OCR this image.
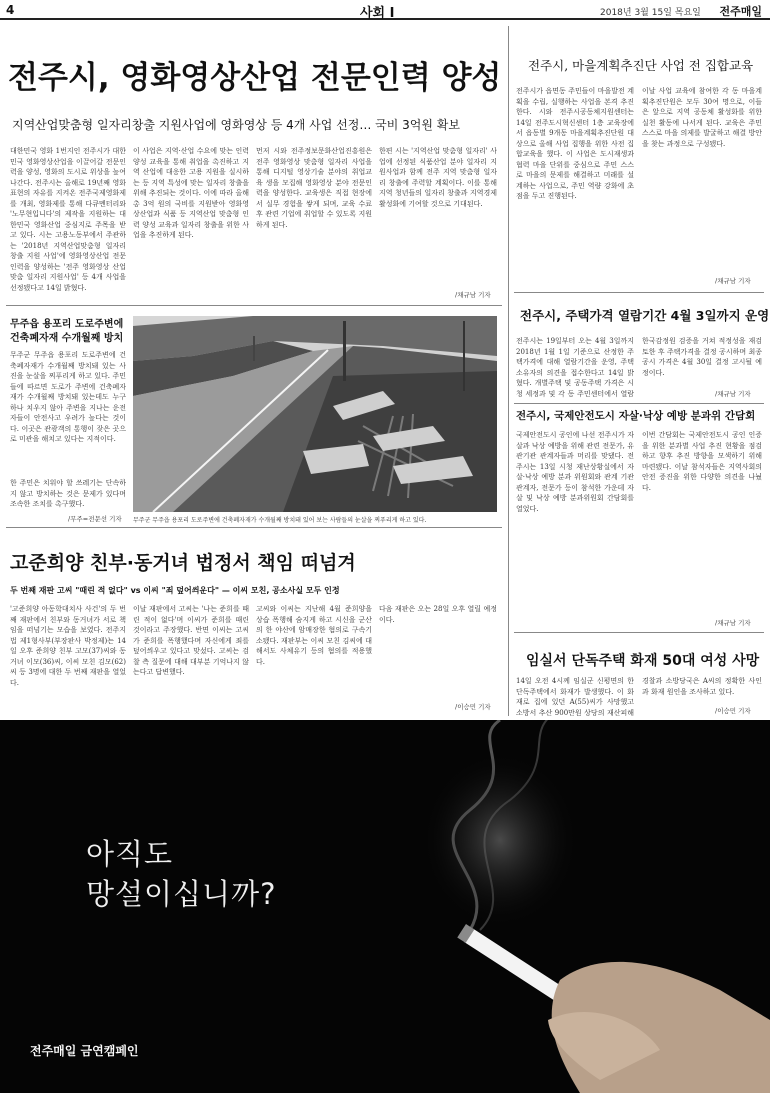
4	사회 I	2018년 3월 15일 목요일 전주매일
전주시, 영화영상산업 전문인력 양성
지역산업맞춤형 일자리창출 지원사업에 영화영상 등 4개 사업 선정… 국비 3억원 확보
대한민국 영화 1번지인 전주시가 대한민국 영화영상산업을 이끌어갈 전문인력을 양성, 영화의 도시로 위상을 높여 나간다. 전주시는 올해로 19년째 영화 표현의 자유를 지켜온 전주국제영화제를 개최, 영화제를 통해 다큐멘터리와 '노무현입니다'의 제작을 지원하는 대한민국 영화산업 중심지로 주목을 받고 있다. 시는 고용노동부에서 주관하는 '2018년 지역산업맞춤형 일자리 창출 지원 사업'에 영화영상산업 전문인력을 양성하는 '전주 영화영상 산업맞춤 일자리 지원사업' 등 4개 사업을 선정됐다고 14일 밝혔다.
이 사업은 지역·산업 수요에 맞는 인력 양성 교육을 통해 취업을 촉진하고 지역 산업에 대응한 고용 지원을 실시하는 등 지역 특성에 맞는 일자리 창출을 위해 추진되는 것이다. 이에 따라 올해 총 3억 원의 국비를 지원받아 영화영상산업과 식품 등 지역산업 맞춤형 인력 양성 교육과 일자리 창출을 위한 사업을 추진하게 된다.
먼저 시와 전주정보문화산업진흥원은 전주 영화영상 맞춤형 일자리 사업을 통해 디지털 영상기술 분야의 취업교육 생을 모집해 영화영상 분야 전문인력을 양성한다. 교육생은 직접 현장에서 실무 경험을 쌓게 되며, 교육 수료 후 관련 기업에 취업할 수 있도록 지원하게 된다.
한편 시는 '지역산업 맞춤형 일자리' 사업에 선정된 식품산업 분야 일자리 지원사업과 함께 전주 지역 맞춤형 일자리 창출에 주력할 계획이다. 이를 통해 지역 청년들의 일자리 창출과 지역경제 활성화에 기여할 것으로 기대된다.
/채규남 기자
전주시, 마을계획추진단 사업 전 집합교육
전주시가 읍면동 주민들이 마을발전 계획을 수립, 실행하는 사업을 본격 추진한다. 시와 전주시공동체지원센터는 14일 전주도시혁신센터 1층 교육장에서 읍동별 9개동 마을계획추진단원 대상으로 올해 사업 집행을 위한 사전 집합교육을 했다. 이 사업은 도시재생과 협력 마을 단위를 중심으로 주민 스스로 마을의 문제를 해결하고 미래를 설계하는 사업으로, 주민 역량 강화에 초점을 두고 진행된다.
이날 사업 교육에 참여한 각 동 마을계획추진단원은 모두 30여 명으로, 이들은 앞으로 지역 공동체 활성화를 위한 실천 활동에 나서게 된다. 교육은 주민 스스로 마을 의제를 발굴하고 해결 방안을 찾는 과정으로 구성됐다.
/채규남 기자
전주시, 주택가격 열람기간 4월 3일까지 운영
전주시는 19일부터 오는 4월 3일까지 2018년 1월 1일 기준으로 산정한 주택가격에 대해 열람기간을 운영, 주택 소유자의 의견을 접수한다고 14일 밝혔다. 개별주택 및 공동주택 가격은 시청 세정과 및 각 동 주민센터에서 열람
한국감정원 검증을 거쳐 적정성을 재검토한 후 주택가격을 결정 공시하며 최종 공시 가격은 4월 30일 결정 고시될 예정이다.
/채규남 기자
전주시, 국제안전도시 자살·낙상 예방 분과위 간담회
국제안전도시 공인에 나선 전주시가 자살과 낙상 예방을 위해 관련 전문가, 유관기관 관계자들과 머리를 맞댔다. 전주시는 13일 시청 재난상황실에서 자살·낙상 예방 분과 위원회와 관계 기관 관계자, 전문가 등이 참석한 가운데 자살 및 낙상 예방 분과위원회 간담회를 열었다.
이번 간담회는 국제안전도시 공인 인증을 위한 분과별 사업 추진 현황을 점검하고 향후 추진 방향을 모색하기 위해 마련됐다. 이날 참석자들은 지역사회의 안전 증진을 위한 다양한 의견을 나눴다.
/채규남 기자
임실서 단독주택 화재 50대 여성 사망
14일 오전 4시께 임실군 신평면의 한 단독주택에서 화재가 발생했다. 이 화재로 집에 있던 A(55)씨가 사망했고 소방서 추산 900만원 상당의 재산피해
경찰과 소방당국은 A씨의 정확한 사인과 화재 원인을 조사하고 있다.
/이승민 기자
무주읍 용포리 도로주변에
건축폐자재 수개월째 방치
무주군 무주읍 용포리 도로주변에 건축폐자재가 수개월째 방치돼 있는 사진을 눈살을 찌푸리게 하고 있다. 주민들에 따르면 도로가 주변에 건축폐자재가 수개월째 방치돼 있는데도 누구 하나 치우지 않아 주변을 지나는 운전자들이 안전사고 우려가 높다는 것이다. 이곳은 관광객의 통행이 잦은 곳으로 미관을 해치고 있다는 지적이다.
한 주민은 치워야 할 쓰레기는 단속하지 않고 방치하는 것은 문제가 있다며 조속한 조치를 촉구했다.
/무주=전문선 기자 무주군 무주읍 용포리 도로주변에 건축폐자재가 수개월째 방치돼 있어 보는 사람들의 눈살을 찌푸리게 하고 있다.
고준희양 친부·동거녀 법정서 책임 떠넘겨
두 번째 재판 고씨 "때린 적 없다" vs 이씨 "죄 덮어씌운다" — 이씨 모친, 공소사실 모두 인정
'고준희양 아동학대치사 사건'의 두 번째 재판에서 친부와 동거녀가 서로 책임을 떠넘기는 모습을 보였다. 전주지법 제1형사부(부장판사 박정제)는 14일 오후 준희양 친부 고모(37)씨와 동거녀 이모(36)씨, 이씨 모친 김모(62)씨 등 3명에 대한 두 번째 재판을 열었다.
이날 재판에서 고씨는 '나는 준희를 때린 적이 없다'며 이씨가 준희를 때린 것이라고 주장했다. 반면 이씨는 고씨가 준희를 폭행했다며 자신에게 죄를 덮어씌우고 있다고 맞섰다. 고씨는 검찰 측 질문에 대해 대부분 기억나지 않는다고 답변했다.
고씨와 이씨는 지난해 4월 준희양을 상습 폭행해 숨지게 하고 시신을 군산의 한 야산에 암매장한 혐의로 구속기소됐다. 재판부는 이씨 모친 김씨에 대해서도 사체유기 등의 혐의를 적용했다.
다음 재판은 오는 28일 오후 열릴 예정이다.
/이승민 기자
아직도
망설이십니까?
전주매일 금연캠페인
